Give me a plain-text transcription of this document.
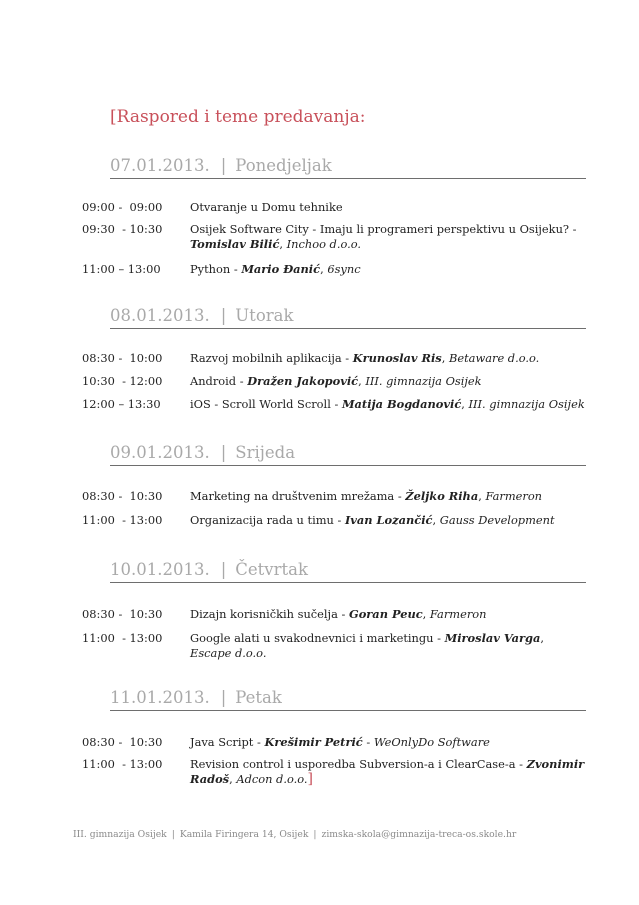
[Raspored i teme predavanja:
07.01.2013. | Ponedjeljak
09:00 -  09:00	Otvaranje u Domu tehnike
09:30  - 10:30	Osijek Software City - Imaju li programeri perspektivu u Osijeku? - Tomislav Bilić, Inchoo d.o.o.
11:00 – 13:00	Python - Mario Đanić, 6sync
08.01.2013. | Utorak
08:30 -  10:00	Razvoj mobilnih aplikacija - Krunoslav Ris, Betaware d.o.o.
10:30  - 12:00	Android - Dražen Jakopović, III. gimnazija Osijek
12:00 – 13:30	iOS - Scroll World Scroll - Matija Bogdanović, III. gimnazija Osijek
09.01.2013. | Srijeda
08:30 -  10:30	Marketing na društvenim mrežama - Željko Riha, Farmeron
11:00  - 13:00	Organizacija rada u timu - Ivan Lozančić, Gauss Development
10.01.2013. | Četvrtak
08:30 -  10:30	Dizajn korisničkih sučelja - Goran Peuc, Farmeron
11:00  - 13:00	Google alati u svakodnevnici i marketingu - Miroslav Varga, Escape d.o.o.
11.01.2013. | Petak
08:30 -  10:30	Java Script - Krešimir Petrić - WeOnlyDo Software
11:00  - 13:00	Revision control i usporedba Subversion-a i ClearCase-a - Zvonimir Radoš, Adcon d.o.o.]
III. gimnazija Osijek | Kamila Firingera 14, Osijek | zimska-skola@gimnazija-treca-os.skole.hr
